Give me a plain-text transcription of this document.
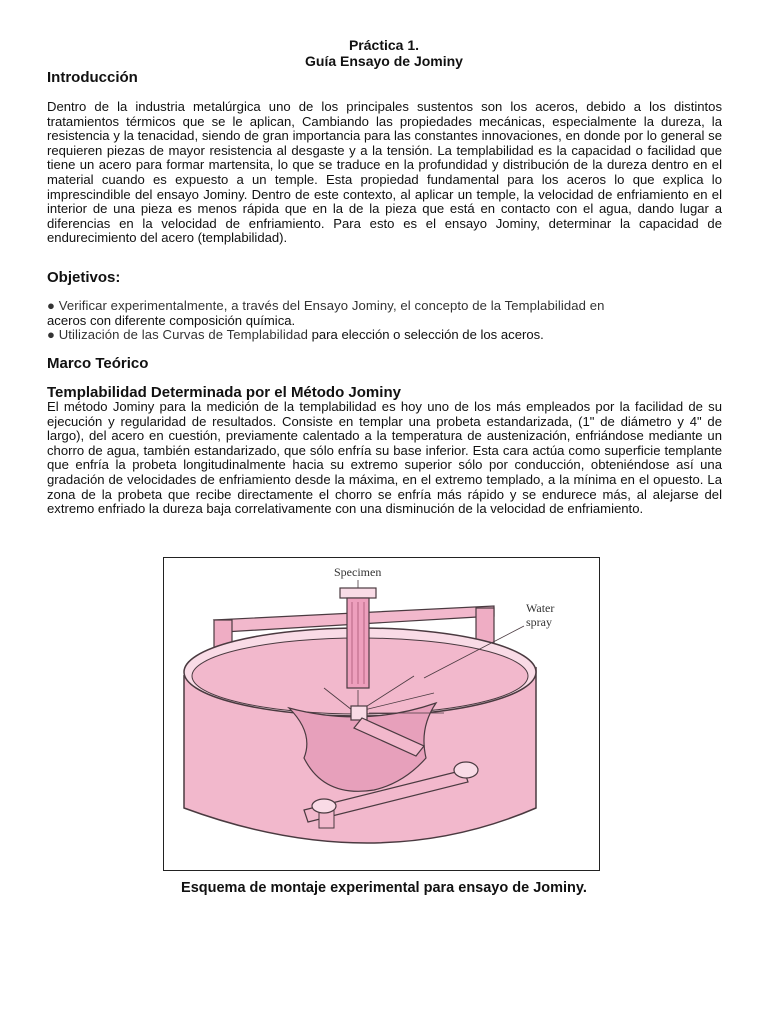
Práctica 1.
Guía Ensayo de Jominy
Introducción
Dentro de la industria metalúrgica uno de los principales sustentos son los aceros, debido a los distintos tratamientos térmicos que se le aplican, Cambiando las propiedades mecánicas, especialmente la dureza, la resistencia y la tenacidad, siendo de gran importancia para las constantes innovaciones, en donde por lo general se requieren piezas de mayor resistencia al desgaste y a la tensión. La templabilidad es la capacidad o facilidad que tiene un acero para formar martensita, lo que se traduce en la profundidad y distribución de la dureza dentro en el material cuando es expuesto a un temple. Esta propiedad fundamental para los aceros lo que explica lo imprescindible del ensayo Jominy. Dentro de este contexto, al aplicar un temple, la velocidad de enfriamiento en el interior de una pieza es menos rápida que en la de la pieza que está en contacto con el agua, dando lugar a diferencias en la velocidad de enfriamiento. Para esto es el ensayo Jominy, determinar la capacidad de endurecimiento del acero (templabilidad).
Objetivos:
● Verificar experimentalmente, a través del Ensayo Jominy, el concepto de la Templabilidad en
aceros con diferente composición química.
● Utilización de las Curvas de Templabilidad para elección o selección de los aceros.
Marco Teórico
Templabilidad Determinada por el Método Jominy
El método Jominy para la medición de la templabilidad es hoy uno de los más empleados por la facilidad de su ejecución y regularidad de resultados. Consiste en templar una probeta estandarizada, (1" de diámetro y 4" de largo), del acero en cuestión, previamente calentado a la temperatura de austenización, enfriándose mediante un chorro de agua, también estandarizado, que sólo enfría su base inferior. Esta cara actúa como superficie templante que enfría la probeta longitudinalmente hacia su extremo superior sólo por conducción, obteniéndose así una gradación de velocidades de enfriamiento desde la máxima, en el extremo templado, a la mínima en el opuesto. La zona de la probeta que recibe directamente el chorro se enfría más rápido y se endurece más, al alejarse del extremo enfriado la dureza baja correlativamente con una disminución de la velocidad de enfriamiento.
Specimen
Water
spray
Esquema de montaje experimental para ensayo de Jominy.
